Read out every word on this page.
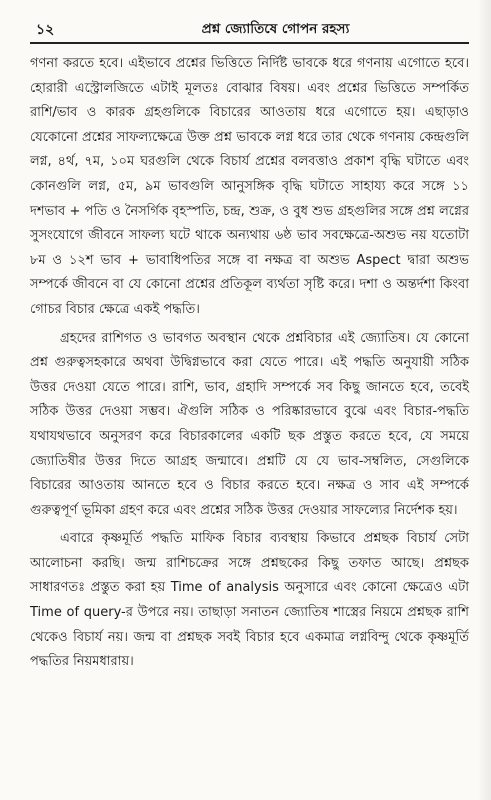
১২	প্রশ্ন জ্যোতিষে গোপন রহস্য

গণনা করতে হবে। এইভাবে প্রশ্নের ভিত্তিতে নির্দিষ্ট ভাবকে ধরে গণনায় এগোতে হবে। হোরারী এস্ট্রোলজিতে এটাই মূলতঃ বোঝার বিষয়। এবং প্রশ্নের ভিত্তিতে সম্পর্কিত রাশি/ভাব ও কারক গ্রহগুলিকে বিচারের আওতায় ধরে এগোতে হয়। এছাড়াও যেকোনো প্রশ্নের সাফল্যক্ষেত্রে উক্ত প্রশ্ন ভাবকে লগ্ন ধরে তার থেকে গণনায় কেন্দ্রগুলি লগ্ন, ৪র্থ, ৭ম, ১০ম ঘরগুলি থেকে বিচার্য প্রশ্নের বলবত্তাও প্রকাশ বৃদ্ধি ঘটাতে এবং কোনগুলি লগ্ন, ৫ম, ৯ম ভাবগুলি আনুসঙ্গিক বৃদ্ধি ঘটাতে সাহায্য করে সঙ্গে ১১ দশভাব + পতি ও নৈসর্গিক বৃহস্পতি, চন্দ্র, শুক্র, ও বুধ শুভ গ্রহগুলির সঙ্গে প্রশ্ন লগ্নের সুসংযোগে জীবনে সাফল্য ঘটে থাকে অন্যথায় ৬ষ্ঠ ভাব সবক্ষেত্রে-অশুভ নয় যতোটা ৮ম ও ১২শ ভাব + ভাবাধিপতির সঙ্গে বা নক্ষত্র বা অশুভ Aspect দ্বারা অশুভ সম্পর্কে জীবনে বা যে কোনো প্রশ্নের প্রতিকূল ব্যর্থতা সৃষ্টি করে। দশা ও অন্তর্দশা কিংবা গোচর বিচার ক্ষেত্রে একই পদ্ধতি।

গ্রহদের রাশিগত ও ভাবগত অবস্থান থেকে প্রশ্নবিচার এই জ্যোতিষ। যে কোনো প্রশ্ন গুরুত্বসহকারে অথবা উদ্বিগ্নভাবে করা যেতে পারে। এই পদ্ধতি অনুযায়ী সঠিক উত্তর দেওয়া যেতে পারে। রাশি, ভাব, গ্রহাদি সম্পর্কে সব কিছু জানতে হবে, তবেই সঠিক উত্তর দেওয়া সম্ভব। ঐগুলি সঠিক ও পরিষ্কারভাবে বুঝে এবং বিচার-পদ্ধতি যথাযথভাবে অনুসরণ করে বিচারকালের একটি ছক প্রস্তুত করতে হবে, যে সময়ে জ্যোতিষীর উত্তর দিতে আগ্রহ জন্মাবে। প্রশ্নটি যে যে ভাব-সম্বলিত, সেগুলিকে বিচারের আওতায় আনতে হবে ও বিচার করতে হবে। নক্ষত্র ও সাব এই সম্পর্কে গুরুত্বপূর্ণ ভূমিকা গ্রহণ করে এবং প্রশ্নের সঠিক উত্তর দেওয়ার সাফল্যের নির্দেশক হয়।

এবারে কৃষ্ণমূর্তি পদ্ধতি মাফিক বিচার ব্যবস্থায় কিভাবে প্রশ্নছক বিচার্য সেটা আলোচনা করছি। জন্ম রাশিচক্রের সঙ্গে প্রশ্নছকের কিছু তফাত আছে। প্রশ্নছক সাধারণতঃ প্রস্তুত করা হয় Time of analysis অনুসারে এবং কোনো ক্ষেত্রেও এটা Time of query-র উপরে নয়। তাছাড়া সনাতন জ্যোতিষ শাস্ত্রের নিয়মে প্রশ্নছক রাশি থেকেও বিচার্য নয়। জন্ম বা প্রশ্নছক সবই বিচার হবে একমাত্র লগ্নবিন্দু থেকে কৃষ্ণমূর্তি পদ্ধতির নিয়মধারায়।
